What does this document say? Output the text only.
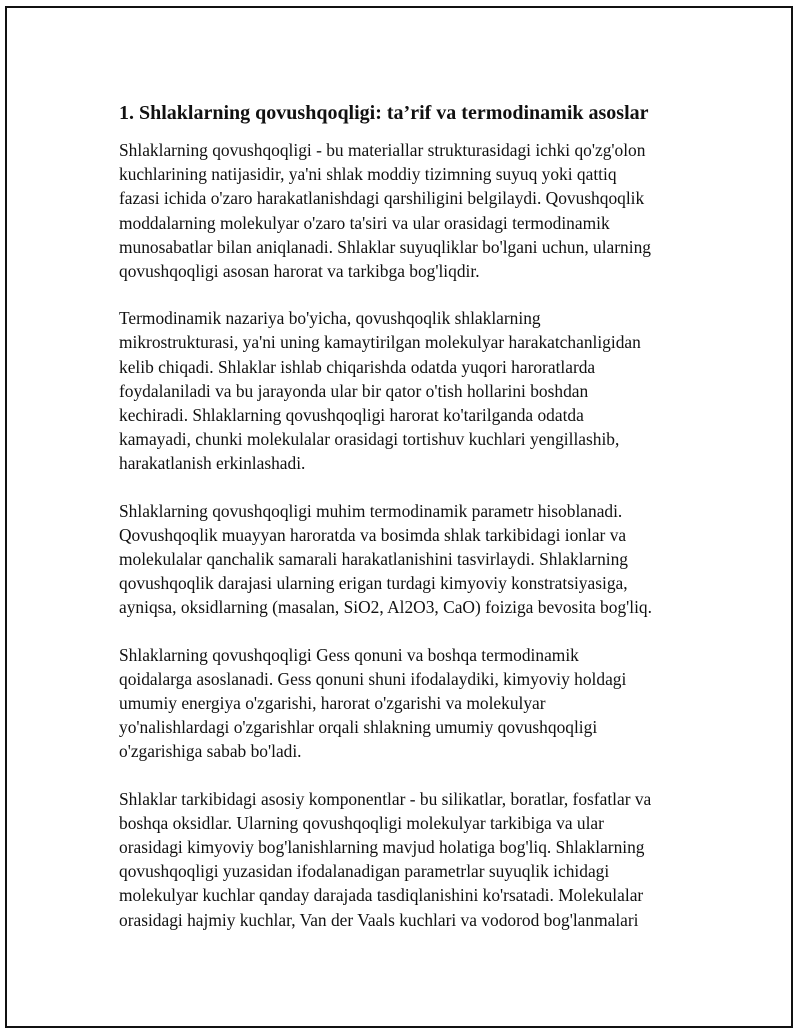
1. Shlaklarning qovushqoqligi: ta’rif va termodinamik asoslar

Shlaklarning qovushqoqligi - bu materiallar strukturasidagi ichki qo'zg'olon
kuchlarining natijasidir, ya'ni shlak moddiy tizimning suyuq yoki qattiq
fazasi ichida o'zaro harakatlanishdagi qarshiligini belgilaydi. Qovushqoqlik
moddalarning molekulyar o'zaro ta'siri va ular orasidagi termodinamik
munosabatlar bilan aniqlanadi. Shlaklar suyuqliklar bo'lgani uchun, ularning
qovushqoqligi asosan harorat va tarkibga bog'liqdir.

Termodinamik nazariya bo'yicha, qovushqoqlik shlaklarning
mikrostrukturasi, ya'ni uning kamaytirilgan molekulyar harakatchanligidan
kelib chiqadi. Shlaklar ishlab chiqarishda odatda yuqori haroratlarda
foydalaniladi va bu jarayonda ular bir qator o'tish hollarini boshdan
kechiradi. Shlaklarning qovushqoqligi harorat ko'tarilganda odatda
kamayadi, chunki molekulalar orasidagi tortishuv kuchlari yengillashib,
harakatlanish erkinlashadi.

Shlaklarning qovushqoqligi muhim termodinamik parametr hisoblanadi.
Qovushqoqlik muayyan haroratda va bosimda shlak tarkibidagi ionlar va
molekulalar qanchalik samarali harakatlanishini tasvirlaydi. Shlaklarning
qovushqoqlik darajasi ularning erigan turdagi kimyoviy konstratsiyasiga,
ayniqsa, oksidlarning (masalan, SiO2, Al2O3, CaO) foiziga bevosita bog'liq.

Shlaklarning qovushqoqligi Gess qonuni va boshqa termodinamik
qoidalarga asoslanadi. Gess qonuni shuni ifodalaydiki, kimyoviy holdagi
umumiy energiya o'zgarishi, harorat o'zgarishi va molekulyar
yo'nalishlardagi o'zgarishlar orqali shlakning umumiy qovushqoqligi
o'zgarishiga sabab bo'ladi.

Shlaklar tarkibidagi asosiy komponentlar - bu silikatlar, boratlar, fosfatlar va
boshqa oksidlar. Ularning qovushqoqligi molekulyar tarkibiga va ular
orasidagi kimyoviy bog'lanishlarning mavjud holatiga bog'liq. Shlaklarning
qovushqoqligi yuzasidan ifodalanadigan parametrlar suyuqlik ichidagi
molekulyar kuchlar qanday darajada tasdiqlanishini ko'rsatadi. Molekulalar
orasidagi hajmiy kuchlar, Van der Vaals kuchlari va vodorod bog'lanmalari
